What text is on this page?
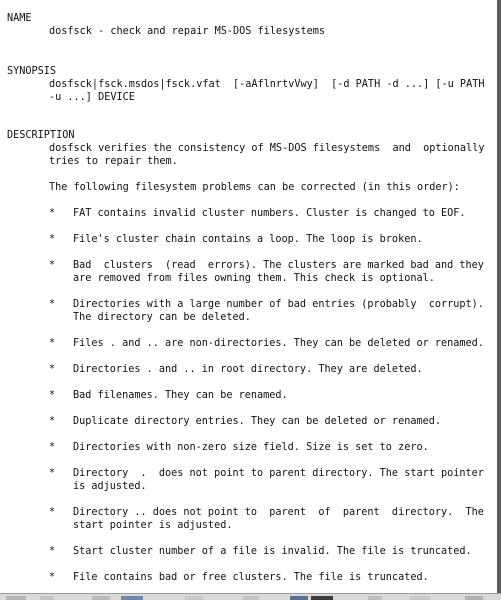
NAME
dosfsck - check and repair MS-DOS filesystems
SYNOPSIS
dosfsck|fsck.msdos|fsck.vfat  [-aAflnrtvVwy]  [-d PATH -d ...] [-u PATH
-u ...] DEVICE
DESCRIPTION
dosfsck verifies the consistency of MS-DOS filesystems  and  optionally
tries to repair them.
The following filesystem problems can be corrected (in this order):
* FAT contains invalid cluster numbers. Cluster is changed to EOF.
* File's cluster chain contains a loop. The loop is broken.
* Bad  clusters  (read  errors). The clusters are marked bad and they
are removed from files owning them. This check is optional.
* Directories with a large number of bad entries (probably  corrupt).
The directory can be deleted.
* Files . and .. are non-directories. They can be deleted or renamed.
* Directories . and .. in root directory. They are deleted.
* Bad filenames. They can be renamed.
* Duplicate directory entries. They can be deleted or renamed.
* Directories with non-zero size field. Size is set to zero.
* Directory  .  does not point to parent directory. The start pointer
is adjusted.
* Directory .. does not point to  parent  of  parent  directory.  The
start pointer is adjusted.
* Start cluster number of a file is invalid. The file is truncated.
* File contains bad or free clusters. The file is truncated.
